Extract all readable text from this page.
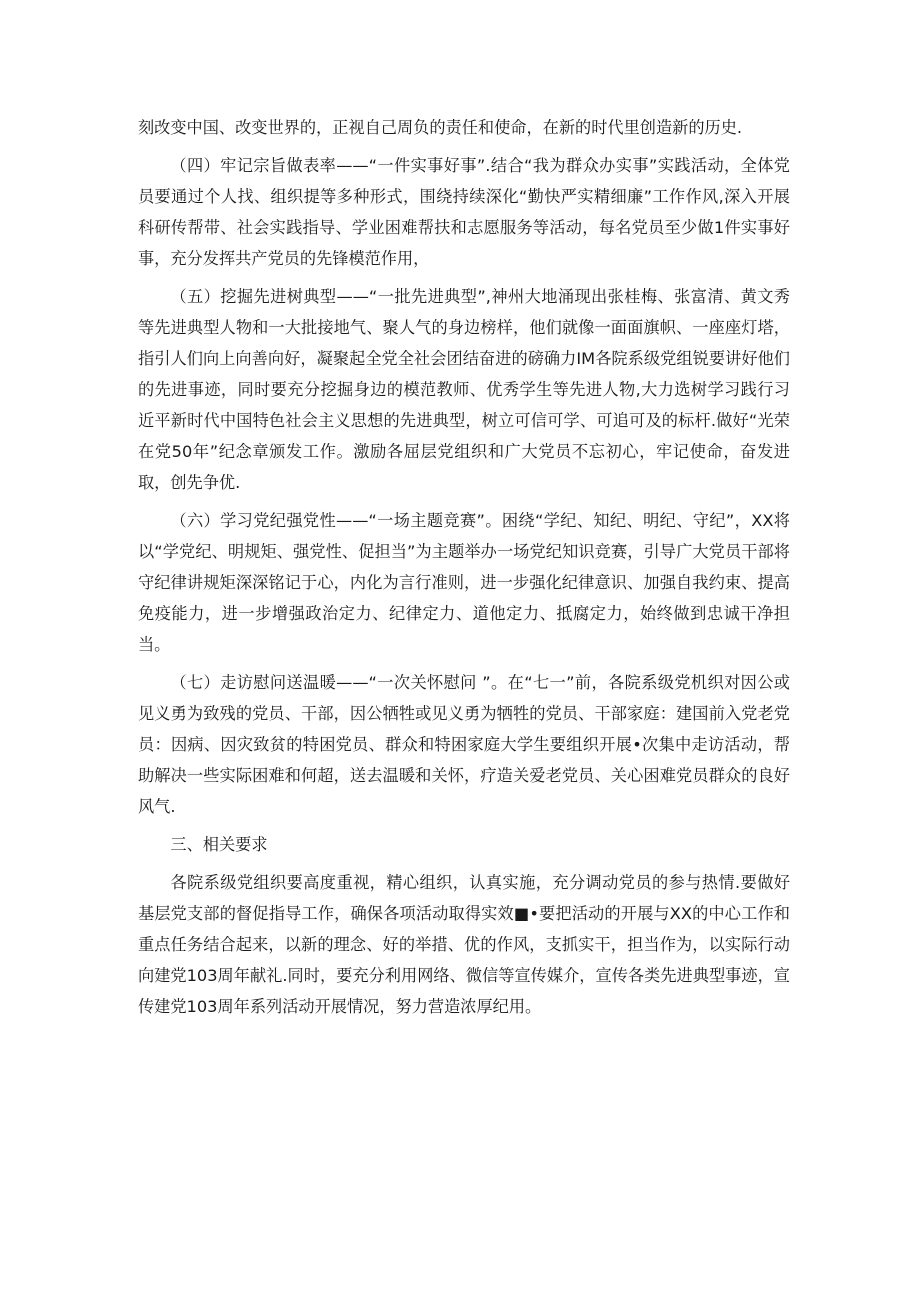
刻改变中国、改变世界的，正视自己周负的责任和使命，在新的时代里创造新的历史.

（四）牢记宗旨做表率——“一件实事好事”.结合“我为群众办实事”实践活动，全体党员要通过个人找、组织提等多种形式，围绕持续深化“勤快严实精细廉”工作作风,深入开展科研传帮带、社会实践指导、学业困难帮扶和志愿服务等活动，每名党员至少做1件实事好事，充分发挥共产党员的先锋模范作用，

（五）挖掘先进树典型——“一批先进典型”,神州大地涌现出张桂梅、张富清、黄文秀等先进典型人物和一大批接地气、聚人气的身边榜样，他们就像一面面旗帜、一座座灯塔，指引人们向上向善向好，凝聚起全党全社会团结奋进的磅确力IM各院系级党组锐要讲好他们的先进事迹，同时要充分挖掘身边的模范教师、优秀学生等先进人物,大力选树学习践行习近平新时代中国特色社会主义思想的先进典型，树立可信可学、可追可及的标杆.做好“光荣在党50年”纪念章颁发工作。激励各屈层党组织和广大党员不忘初心，牢记使命，奋发进取，创先争优.

（六）学习党纪强党性——“一场主题竞赛”。困绕“学纪、知纪、明纪、守纪”，XX将以“学党纪、明规矩、强党性、促担当”为主题举办一场党纪知识竞赛，引导广大党员干部将守纪律讲规矩深深铭记于心，内化为言行准则，进一步强化纪律意识、加强自我约束、提高免疫能力，进一步增强政治定力、纪律定力、道他定力、抵腐定力，始终做到忠诚干净担当。

（七）走访慰问送温暖——“一次关怀慰问 ”。在“七一”前，各院系级党机织对因公或见义勇为致残的党员、干部，因公牺牲或见义勇为牺牲的党员、干部家庭：建国前入党老党员：因病、因灾致贫的特困党员、群众和特困家庭大学生要组织开展•次集中走访活动，帮助解决一些实际困难和何超，送去温暖和关怀，疗造关爱老党员、关心困难党员群众的良好风气.

三、相关要求

各院系级党组织要高度重视，精心组织，认真实施，充分调动党员的参与热情.要做好基层党支部的督促指导工作，确保各项活动取得实效■•要把活动的开展与XX的中心工作和重点任务结合起来，以新的理念、好的举措、优的作风，支抓实干，担当作为，以实际行动向建党103周年献礼.同时，要充分利用网络、微信等宣传媒介，宣传各类先进典型事迹，宣传建党103周年系列活动开展情况，努力营造浓厚纪用。
